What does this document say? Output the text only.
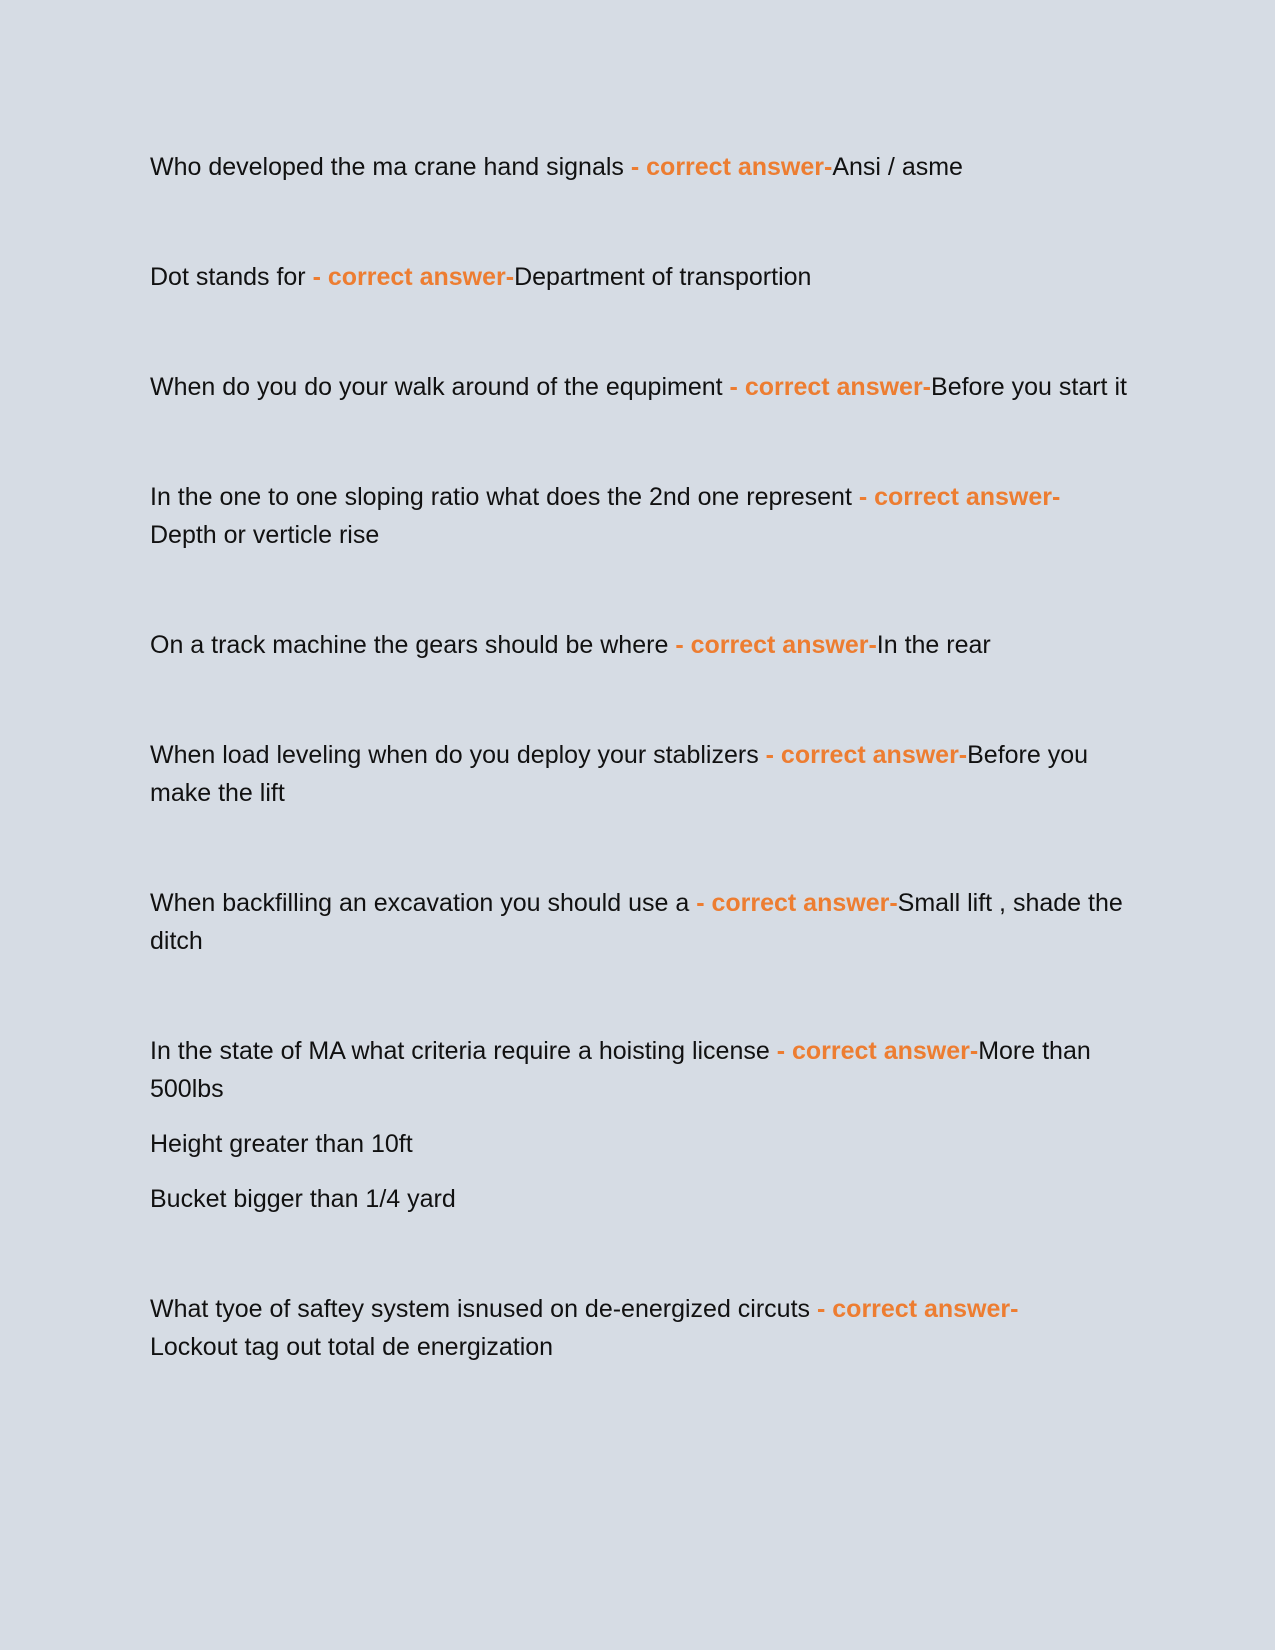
Who developed the ma crane hand signals - correct answer-Ansi / asme

Dot stands for - correct answer-Department of transportion

When do you do your walk around of the equpiment - correct answer-Before you start it

In the one to one sloping ratio what does the 2nd one represent - correct answer-
Depth or verticle rise

On a track machine the gears should be where - correct answer-In the rear

When load leveling when do you deploy your stablizers - correct answer-Before you make the lift

When backfilling an excavation you should use a - correct answer-Small lift , shade the ditch

In the state of MA what criteria require a hoisting license - correct answer-More than 500lbs
Height greater than 10ft
Bucket bigger than 1/4 yard

What tyoe of saftey system isnused on de-energized circuts - correct answer-
Lockout tag out total de energization
